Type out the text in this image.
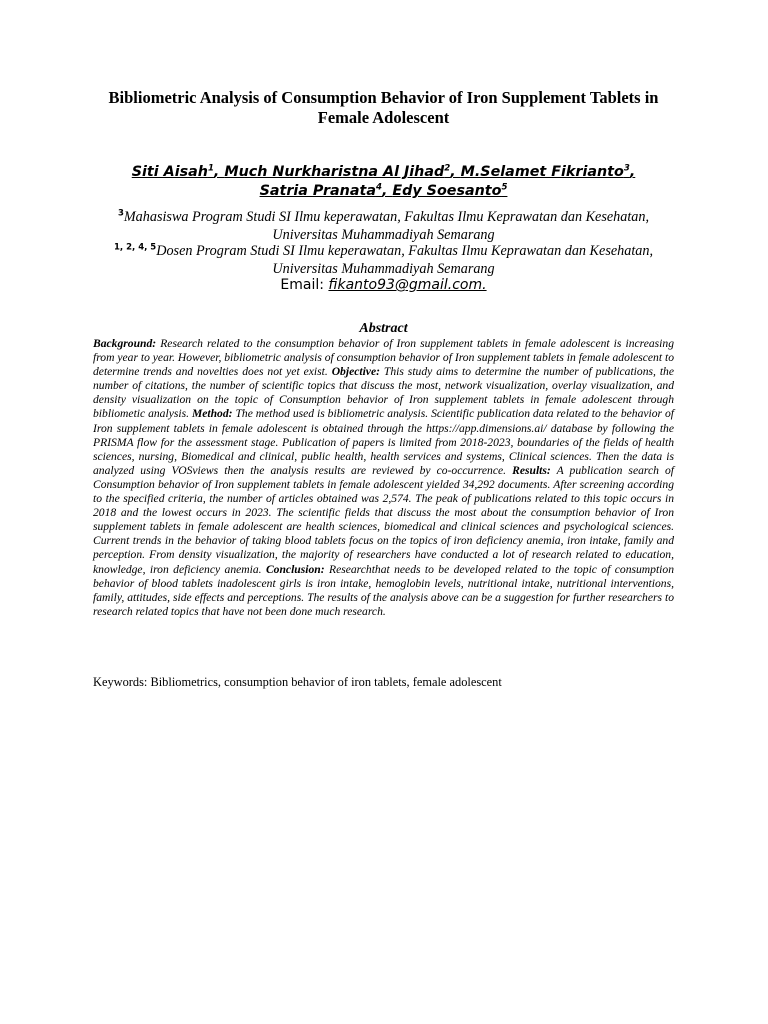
Bibliometric Analysis of Consumption Behavior of Iron Supplement Tablets in Female Adolescent
Siti Aisah$^1$, Much Nurkharistna Al Jihad$^2$, M.Selamet Fikrianto$^3$,
Satria Pranata$^4$, Edy Soesanto$^5$
$^3$Mahasiswa Program Studi SI Ilmu keperawatan, Fakultas Ilmu Keprawatan dan Kesehatan, Universitas Muhammadiyah Semarang
$^{1, 2, 4, 5}$Dosen Program Studi SI Ilmu keperawatan, Fakultas Ilmu Keprawatan dan Kesehatan, Universitas Muhammadiyah Semarang
Email: fikanto93@gmail.com.
Abstract
Background: Research related to the consumption behavior of Iron supplement tablets in female adolescent is increasing from year to year. However, bibliometric analysis of consumption behavior of Iron supplement tablets in female adolescent to determine trends and novelties does not yet exist. Objective: This study aims to determine the number of publications, the number of citations, the number of scientific topics that discuss the most, network visualization, overlay visualization, and density visualization on the topic of Consumption behavior of Iron supplement tablets in female adolescent through bibliometic analysis. Method: The method used is bibliometric analysis. Scientific publication data related to the behavior of Iron supplement tablets in female adolescent is obtained through the https://app.dimensions.ai/ database by following the PRISMA flow for the assessment stage. Publication of papers is limited from 2018-2023, boundaries of the fields of health sciences, nursing, Biomedical and clinical, public health, health services and systems, Clinical sciences. Then the data is analyzed using VOSviews then the analysis results are reviewed by co-occurrence. Results: A publication search of Consumption behavior of Iron supplement tablets in female adolescent yielded 34,292 documents. After screening according to the specified criteria, the number of articles obtained was 2,574. The peak of publications related to this topic occurs in 2018 and the lowest occurs in 2023. The scientific fields that discuss the most about the consumption behavior of Iron supplement tablets in female adolescent are health sciences, biomedical and clinical sciences and psychological sciences. Current trends in the behavior of taking blood tablets focus on the topics of iron deficiency anemia, iron intake, family and perception. From density visualization, the majority of researchers have conducted a lot of research related to education, knowledge, iron deficiency anemia. Conclusion: Researchthat needs to be developed related to the topic of consumption behavior of blood tablets inadolescent girls is iron intake, hemoglobin levels, nutritional intake, nutritional interventions, family, attitudes, side effects and perceptions. The results of the analysis above can be a suggestion for further researchers to research related topics that have not been done much research.
Keywords: Bibliometrics, consumption behavior of iron tablets, female adolescent
